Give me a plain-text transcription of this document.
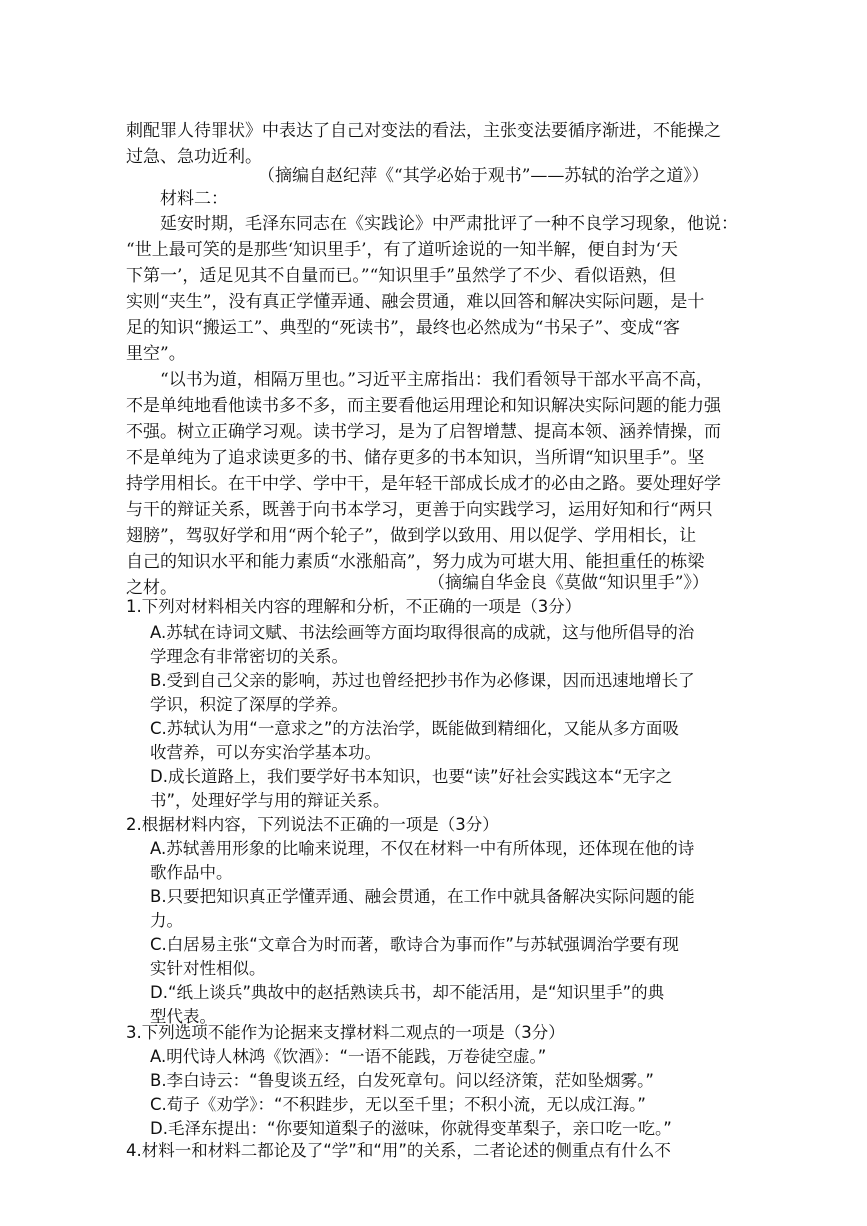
刺配罪人待罪状》中表达了自己对变法的看法，主张变法要循序渐进，不能操之
过急、急功近利。
（摘编自赵纪萍《“其学必始于观书”——苏轼的治学之道》）
材料二：
延安时期，毛泽东同志在《实践论》中严肃批评了一种不良学习现象，他说：
“世上最可笑的是那些‘知识里手’，有了道听途说的一知半解，便自封为‘天
下第一’，适足见其不自量而已。”“知识里手”虽然学了不少、看似语熟，但
实则“夹生”，没有真正学懂弄通、融会贯通，难以回答和解决实际问题，是十
足的知识“搬运工”、典型的“死读书”，最终也必然成为“书呆子”、变成“客
里空”。
“以书为道，相隔万里也。”习近平主席指出：我们看领导干部水平高不高，
不是单纯地看他读书多不多，而主要看他运用理论和知识解决实际问题的能力强
不强。树立正确学习观。读书学习，是为了启智增慧、提高本领、涵养情操，而
不是单纯为了追求读更多的书、储存更多的书本知识，当所谓“知识里手”。坚
持学用相长。在干中学、学中干，是年轻干部成长成才的必由之路。要处理好学
与干的辩证关系，既善于向书本学习，更善于向实践学习，运用好知和行“两只
翅膀”，驾驭好学和用“两个轮子”，做到学以致用、用以促学、学用相长，让
自己的知识水平和能力素质“水涨船高”，努力成为可堪大用、能担重任的栋梁
之材。	（摘编自华金良《莫做“知识里手”》）
1.下列对材料相关内容的理解和分析，不正确的一项是（3分）
A.苏轼在诗词文赋、书法绘画等方面均取得很高的成就，这与他所倡导的治
学理念有非常密切的关系。
B.受到自己父亲的影响，苏过也曾经把抄书作为必修课，因而迅速地增长了
学识，积淀了深厚的学养。
C.苏轼认为用“一意求之”的方法治学，既能做到精细化，又能从多方面吸
收营养，可以夯实治学基本功。
D.成长道路上，我们要学好书本知识，也要“读”好社会实践这本“无字之
书”，处理好学与用的辩证关系。
2.根据材料内容，下列说法不正确的一项是（3分）
A.苏轼善用形象的比喻来说理，不仅在材料一中有所体现，还体现在他的诗
歌作品中。
B.只要把知识真正学懂弄通、融会贯通，在工作中就具备解决实际问题的能
力。
C.白居易主张“文章合为时而著，歌诗合为事而作”与苏轼强调治学要有现
实针对性相似。
D.“纸上谈兵”典故中的赵括熟读兵书，却不能活用，是“知识里手”的典
型代表。
3.下列选项不能作为论据来支撑材料二观点的一项是（3分）
A.明代诗人林鸿《饮酒》：“一语不能践，万卷徒空虚。”
B.李白诗云：“鲁叟谈五经，白发死章句。问以经济策，茫如坠烟雾。”
C.荀子《劝学》：“不积跬步，无以至千里；不积小流，无以成江海。”
D.毛泽东提出：“你要知道梨子的滋味，你就得变革梨子，亲口吃一吃。”
4.材料一和材料二都论及了“学”和“用”的关系，二者论述的侧重点有什么不
